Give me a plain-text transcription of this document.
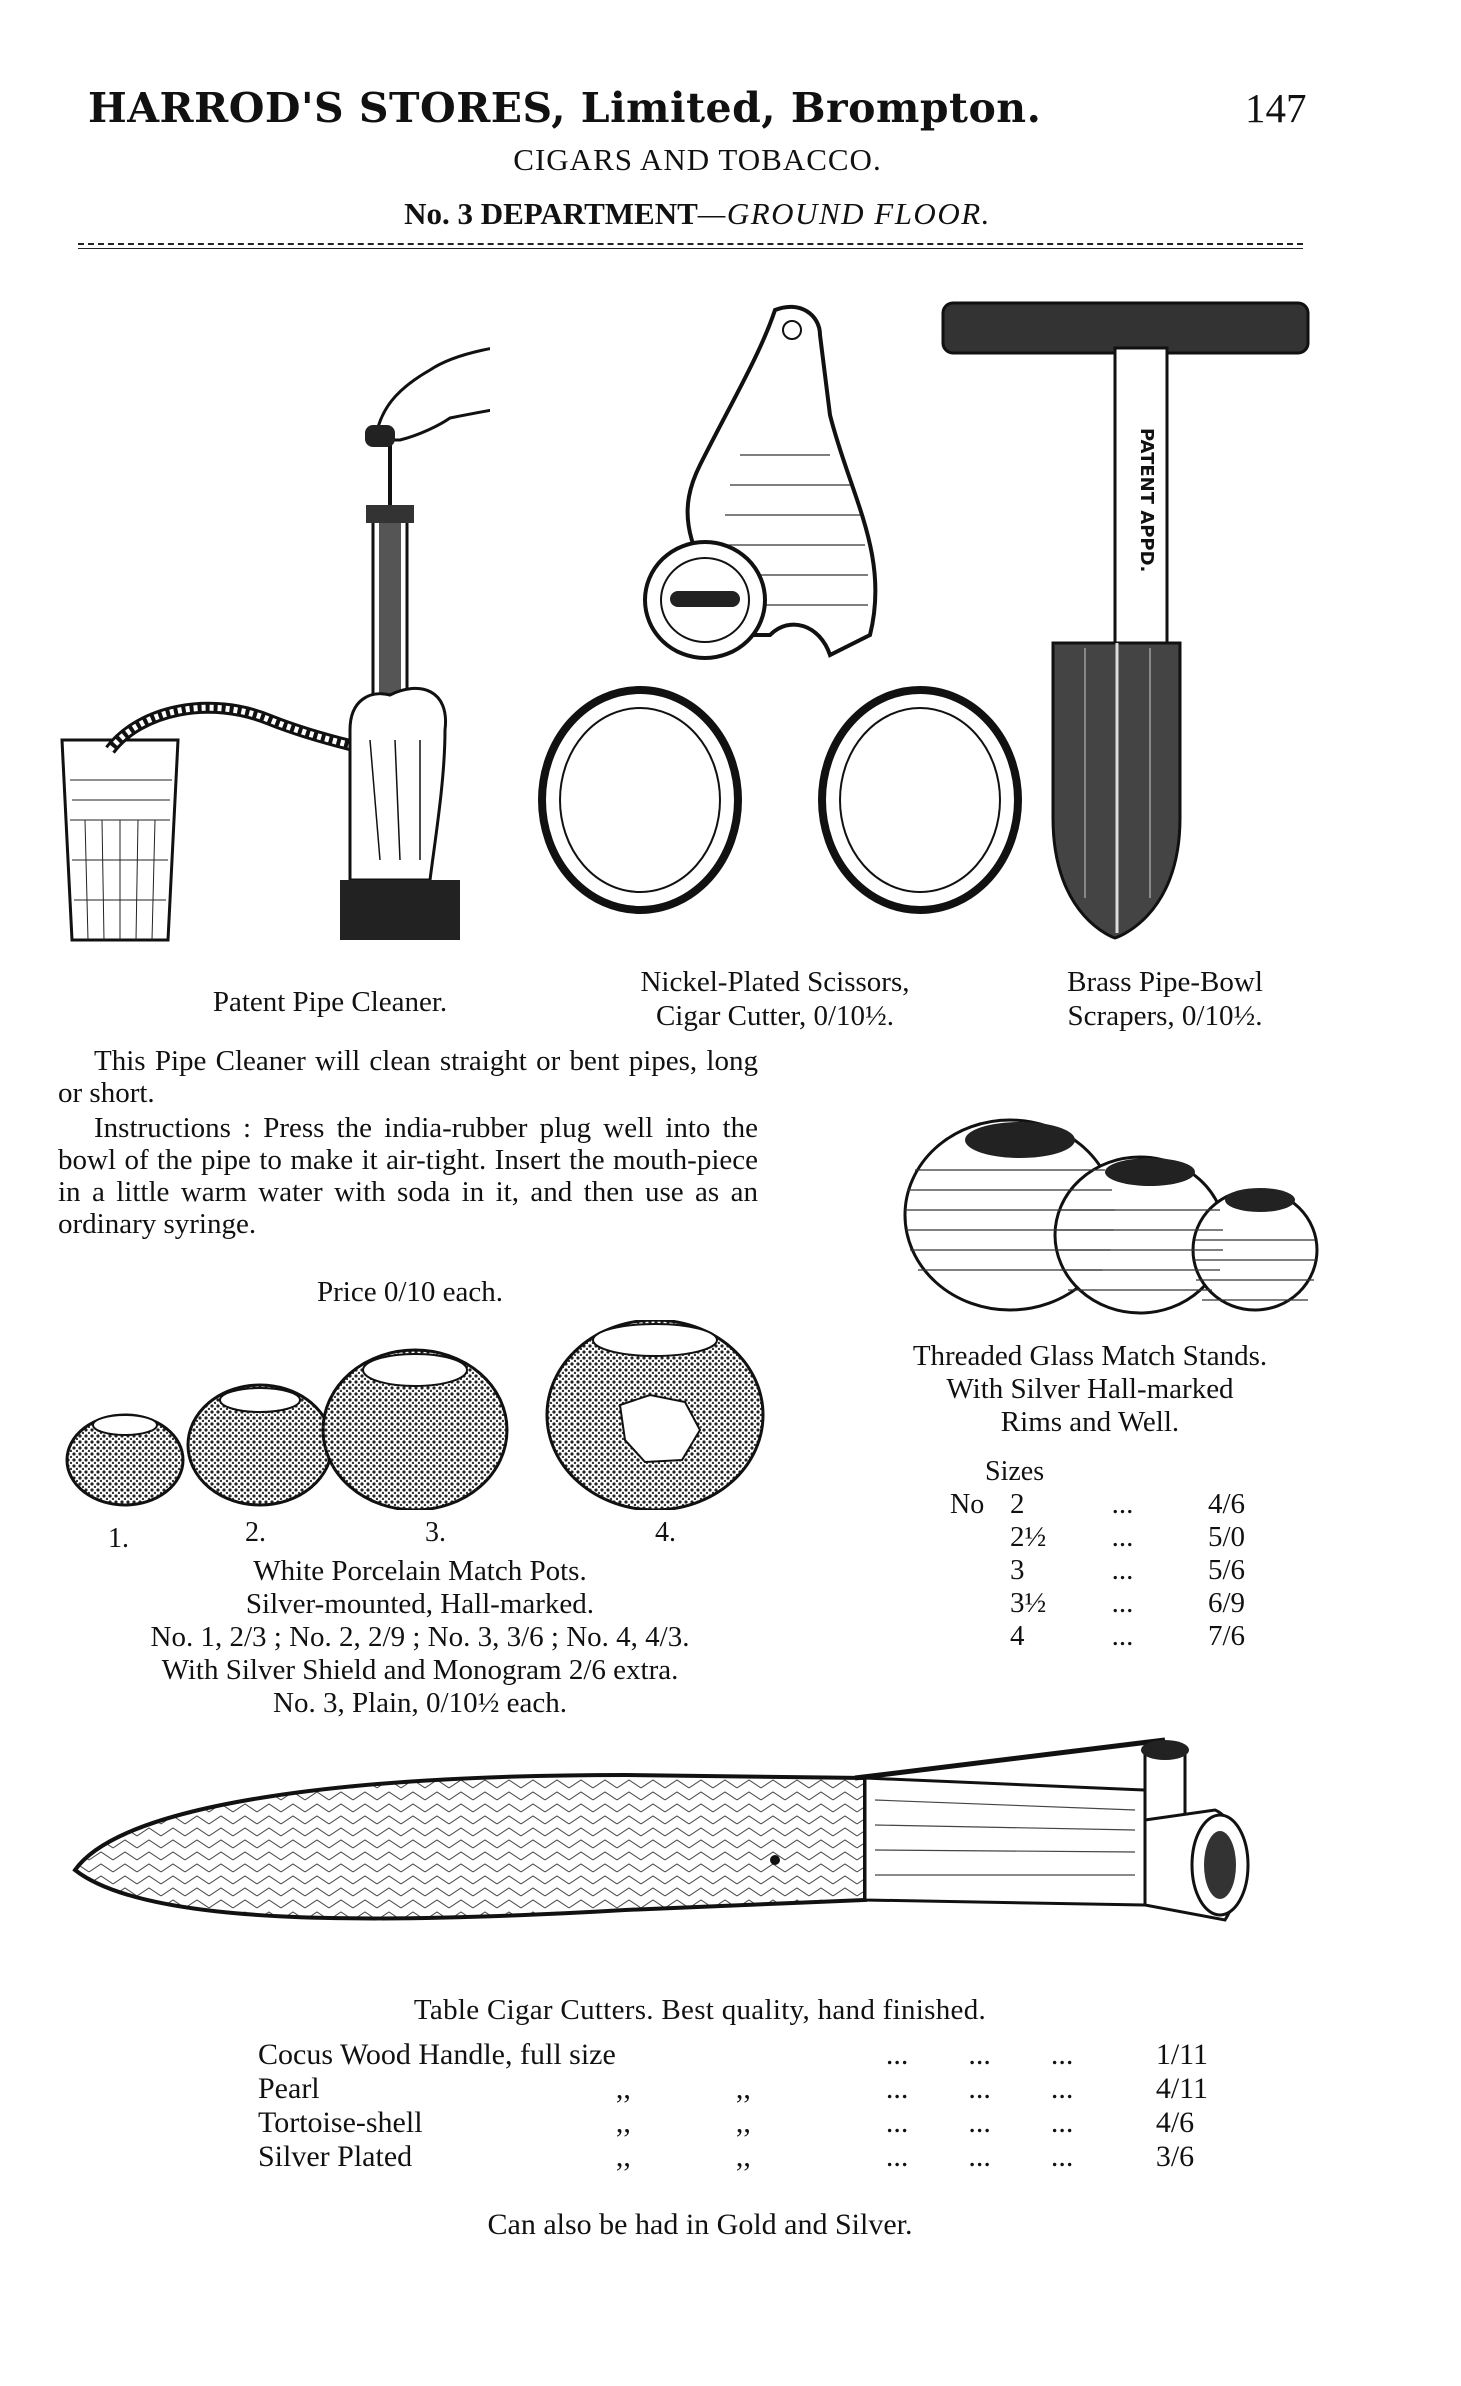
HARROD'S STORES, Limited, Brompton.	147
CIGARS AND TOBACCO.
No. 3 DEPARTMENT—GROUND FLOOR.
PATENT APPD.
Patent Pipe Cleaner.
Nickel-Plated Scissors,
Cigar Cutter, 0/10½.
Brass Pipe-Bowl
Scrapers, 0/10½.
This Pipe Cleaner will clean straight or bent pipes, long or short.
Instructions : Press the india-rubber plug well into the bowl of the pipe to make it air-tight. Insert the mouth-piece in a little warm water with soda in it, and then use as an ordinary syringe.
Price 0/10 each.
Threaded Glass Match Stands.
With Silver Hall-marked
Rims and Well.
Sizes
No 2	...	4/6
2½	...	5/0
3	...	5/6
3½	...	6/9
4	...	7/6
1.	2.	3.	4.
White Porcelain Match Pots.
Silver-mounted, Hall-marked.
No. 1, 2/3 ; No. 2, 2/9 ; No. 3, 3/6 ; No. 4, 4/3.
With Silver Shield and Monogram 2/6 extra.
No. 3, Plain, 0/10½ each.
Table Cigar Cutters. Best quality, hand finished.
Cocus Wood Handle, full size			...        ...        ...	1/11
Pearl	,,	,,	...        ...        ...	4/11
Tortoise-shell	,,	,,	...        ...        ...	4/6
Silver Plated	,,	,,	...        ...        ...	3/6
Can also be had in Gold and Silver.
